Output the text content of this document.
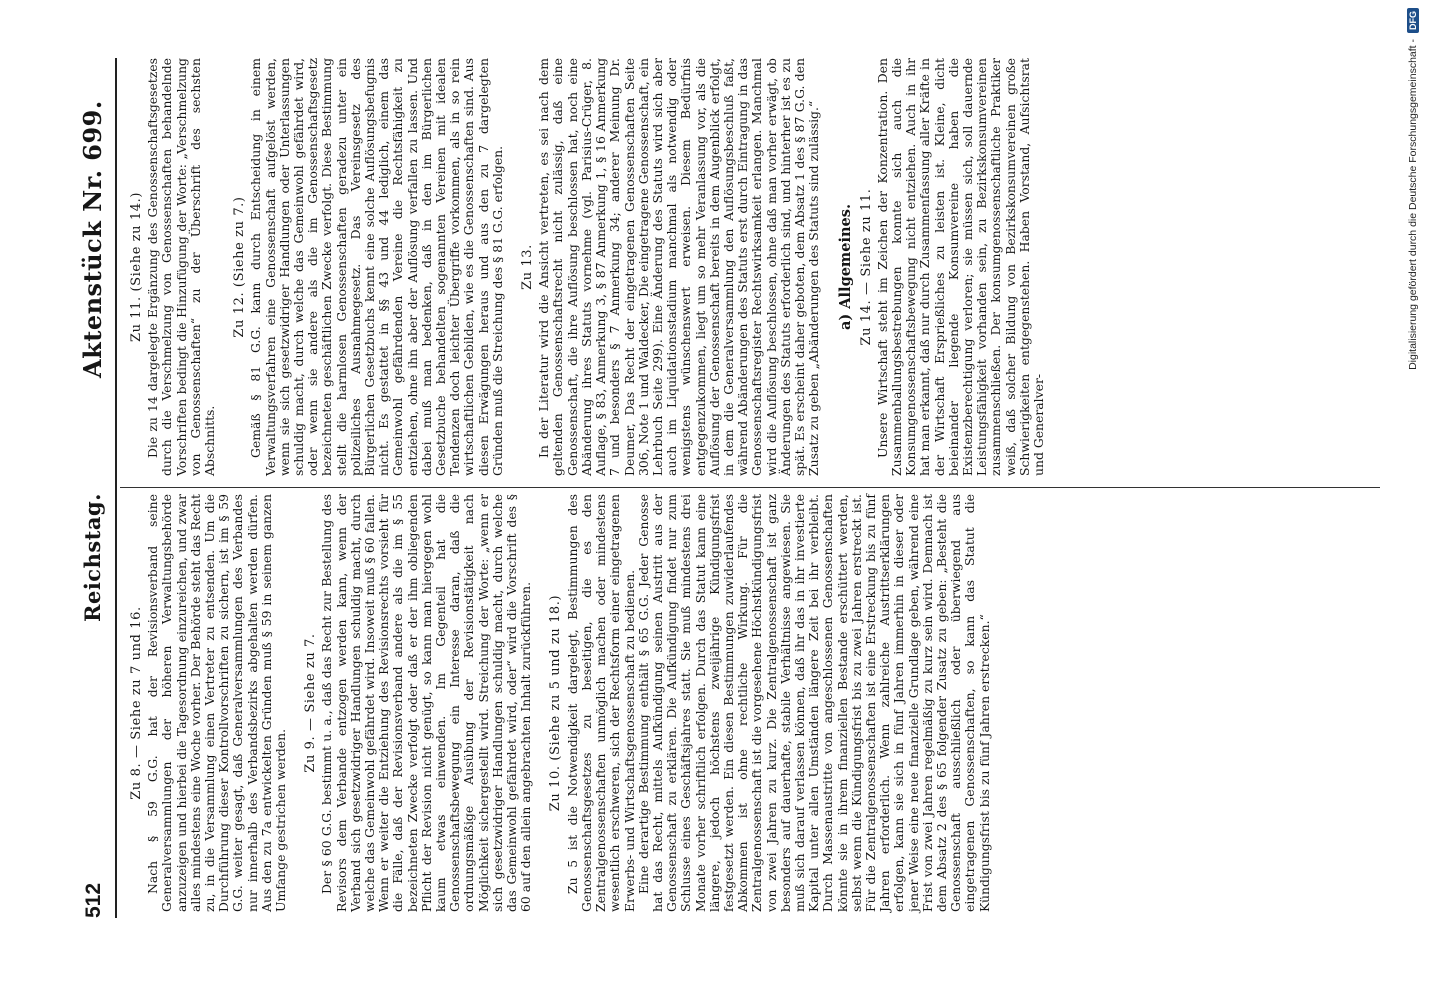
512
Reichstag.
Aktenstück Nr. 699.
Zu 8. — Siehe zu 7 und 16. Nach § 59 G.G. hat der Revisionsverband seine Generalversammlungen der höheren Verwaltungsbehörde anzuzeigen und hierbei die Tagesordnung einzureichen, und zwar alles mindestens eine Woche vorher. Der Behörde steht das Recht zu, in die Versammlung einen Vertreter zu entsenden. Um die Durchführung dieser Kontrollvorschriften zu sichern, ist im § 59 G.G. weiter gesagt, daß Generalversammlungen des Verbandes nur innerhalb des Verbandsbezirks abgehalten werden dürfen. Aus den zu 7a entwickelten Gründen muß § 59 in seinem ganzen Umfange gestrichen werden.

Zu 9. — Siehe zu 7. Der § 60 G.G. bestimmt u. a., daß das Recht zur Bestellung des Revisors dem Verbande entzogen werden kann, wenn der Verband sich gesetzwidriger Handlungen schuldig macht, durch welche das Gemeinwohl gefährdet wird. Insoweit muß § 60 fallen. Wenn er weiter die Entziehung des Revisionsrechts vorsieht für die Fälle, daß der Revisionsverband andere als die im § 55 bezeichneten Zwecke verfolgt oder daß er der ihm obliegenden Pflicht der Revision nicht genügt, so kann man hiergegen wohl kaum etwas einwenden. Im Gegenteil hat die Genossenschaftsbewegung ein Interesse daran, daß die ordnungsmäßige Ausübung der Revisionstätigkeit nach Möglichkeit sichergestellt wird. Streichung der Worte: „wenn er sich gesetzwidriger Handlungen schuldig macht, durch welche das Gemeinwohl gefährdet wird, oder“ wird die Vorschrift des § 60 auf den allein angebrachten Inhalt zurückführen. Zu 10. (Siehe zu 5 und zu 18.) Zu 5 ist die Notwendigkeit dargelegt, Bestimmungen des Genossenschaftsgesetzes zu beseitigen, die es den Zentralgenossenschaften unmöglich machen oder mindestens wesentlich erschweren, sich der Rechtsform einer eingetragenen Erwerbs- und Wirtschaftsgenossenschaft zu bedienen. Eine derartige Bestimmung enthält § 65 G.G. Jeder Genosse hat das Recht, mittels Aufkündigung seinen Austritt aus der Genossenschaft zu erklären. Die Aufkündigung findet nur zum Schlusse eines Geschäftsjahres statt. Sie muß mindestens drei Monate vorher schriftlich erfolgen. Durch das Statut kann eine längere, jedoch höchstens zweijährige Kündigungsfrist festgesetzt werden. Ein diesen Bestimmungen zuwiderlaufendes Abkommen ist ohne rechtliche Wirkung. Für die Zentralgenossenschaft ist die vorgesehene Höchstkündigungsfrist von zwei Jahren zu kurz. Die Zentralgenossenschaft ist ganz besonders auf dauerhafte, stabile Verhältnisse angewiesen. Sie muß sich darauf verlassen können, daß ihr das in ihr investierte Kapital unter allen Umständen längere Zeit bei ihr verbleibt. Durch Massenaustritte von angeschlossenen Genossenschaften könnte sie in ihrem finanziellen Bestande erschüttert werden, selbst wenn die Kündigungsfrist bis zu zwei Jahren erstreckt ist. Für die Zentralgenossenschaften ist eine Erstreckung bis zu fünf Jahren erforderlich. Wenn zahlreiche Austrittserklärungen erfolgen, kann sie sich in fünf Jahren immerhin in dieser oder jener Weise eine neue finanzielle Grundlage geben, während eine Frist von zwei Jahren regelmäßig zu kurz sein wird. Demnach ist dem Absatz 2 des § 65 folgender Zusatz zu geben: „Besteht die Genossenschaft ausschließlich oder überwiegend aus eingetragenen Genossenschaften, so kann das Statut die Kündigungsfrist bis zu fünf Jahren erstrecken.“

Zu 11. (Siehe zu 14.) Die zu 14 dargelegte Ergänzung des Genossenschaftsgesetzes durch die Verschmelzung von Genossenschaften behandelnde Vorschriften bedingt die Hinzufügung der Worte: „Verschmelzung von Genossenschaften“ zu der Überschrift des sechsten Abschnitts.

Zu 12. (Siehe zu 7.) Gemäß § 81 G.G. kann durch Entscheidung in einem Verwaltungsverfahren eine Genossenschaft aufgelöst werden, wenn sie sich gesetzwidriger Handlungen oder Unterlassungen schuldig macht, durch welche das Gemeinwohl gefährdet wird, oder wenn sie andere als die im Genossenschaftsgesetz bezeichneten geschäftlichen Zwecke verfolgt. Diese Bestimmung stellt die harmlosen Genossenschaften geradezu unter ein polizeiliches Ausnahmegesetz. Das Vereinsgesetz des Bürgerlichen Gesetzbuchs kennt eine solche Auflösungsbefugnis nicht. Es gestattet in §§ 43 und 44 lediglich, einem das Gemeinwohl gefährdenden Vereine die Rechtsfähigkeit zu entziehen, ohne ihn aber der Auflösung verfallen zu lassen. Und dabei muß man bedenken, daß in den im Bürgerlichen Gesetzbuche behandelten sogenannten Vereinen mit idealen Tendenzen doch leichter Übergriffe vorkommen, als in so rein wirtschaftlichen Gebilden, wie es die Genossenschaften sind. Aus diesen Erwägungen heraus und aus den zu 7 dargelegten Gründen muß die Streichung des § 81 G.G. erfolgen. Zu 13. In der Literatur wird die Ansicht vertreten, es sei nach dem geltenden Genossenschaftsrecht nicht zulässig, daß eine Genossenschaft, die ihre Auflösung beschlossen hat, noch eine Abänderung ihres Statuts vornehme (vgl. Parisius-Crüger, 8. Auflage, § 83, Anmerkung 3, § 87 Anmerkung 1, § 16 Anmerkung 7 und besonders § 7 Anmerkung 34; anderer Meinung Dr. Deumer, Das Recht der eingetragenen Genossenschaften Seite 306, Note 1 und Waldecker, Die eingetragene Genossenschaft, ein Lehrbuch Seite 299). Eine Änderung des Statuts wird sich aber auch im Liquidationsstadium manchmal als notwendig oder wenigstens wünschenswert erweisen. Diesem Bedürfnis entgegenzukommen, liegt um so mehr Veranlassung vor, als die Auflösung der Genossenschaft bereits in dem Augenblick erfolgt, in dem die Generalversammlung den Auflösungsbeschluß faßt, während Abänderungen des Statuts erst durch Eintragung in das Genossenschaftsregister Rechtswirksamkeit erlangen. Manchmal wird die Auflösung beschlossen, ohne daß man vorher erwägt, ob Änderungen des Statuts erforderlich sind, und hinterher ist es zu spät. Es erscheint daher geboten, dem Absatz 1 des § 87 G.G. den Zusatz zu geben „Abänderungen des Statuts sind zulässig.“ a) Allgemeines. Zu 14. — Siehe zu 11. Unsere Wirtschaft steht im Zeichen der Konzentration. Den Zusammenballungsbestrebungen konnte sich auch die Konsumgenossenschaftsbewegung nicht entziehen. Auch in ihr hat man erkannt, daß nur durch Zusammenfassung aller Kräfte in der Wirtschaft Ersprießliches zu leisten ist. Kleine, dicht beieinander liegende Konsumvereine haben die Existenzberechtigung verloren; sie müssen sich, soll dauernde Leistungsfähigkeit vorhanden sein, zu Bezirkskonsumvereinen zusammenschließen. Der konsumgenossenschaftliche Praktiker weiß, daß solcher Bildung von Bezirkskonsumvereinen große Schwierigkeiten entgegenstehen. Haben Vorstand, Aufsichtsrat und Generalver-

Digitalisierung gefördert durch die Deutsche Forschungsgemeinschaft -
DFG
